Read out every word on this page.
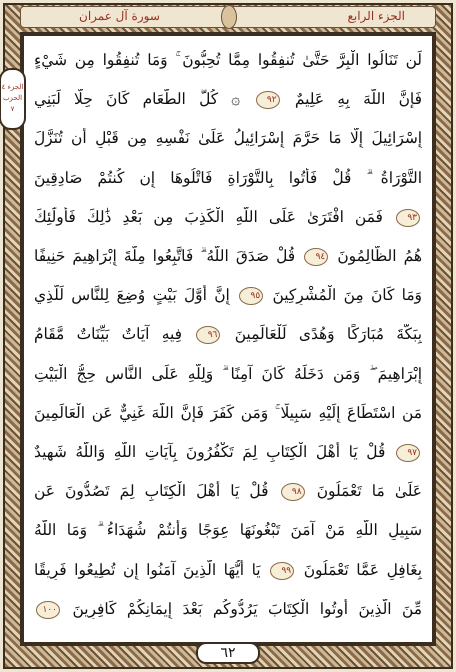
سورة آل عمران	الجزء الرابع
لَن تَنَالُوا الْبِرَّ حَتَّىٰ تُنفِقُوا مِمَّا تُحِبُّونَ ۚ وَمَا تُنفِقُوا مِن شَيْءٍ
فَإِنَّ اللَّهَ بِهِ عَلِيمٌ ٩٢ ۞ كُلُّ الطَّعَامِ كَانَ حِلًّا لِّبَنِي
إِسْرَائِيلَ إِلَّا مَا حَرَّمَ إِسْرَائِيلُ عَلَىٰ نَفْسِهِ مِن قَبْلِ أَن تُنَزَّلَ
التَّوْرَاةُ ۗ قُلْ فَأْتُوا بِالتَّوْرَاةِ فَاتْلُوهَا إِن كُنتُمْ صَادِقِينَ
٩٣ فَمَنِ افْتَرَىٰ عَلَى اللَّهِ الْكَذِبَ مِن بَعْدِ ذَٰلِكَ فَأُولَٰئِكَ
هُمُ الظَّالِمُونَ ٩٤ قُلْ صَدَقَ اللَّهُ ۗ فَاتَّبِعُوا مِلَّةَ إِبْرَاهِيمَ حَنِيفًا
وَمَا كَانَ مِنَ الْمُشْرِكِينَ ٩٥ إِنَّ أَوَّلَ بَيْتٍ وُضِعَ لِلنَّاسِ لَلَّذِي
بِبَكَّةَ مُبَارَكًا وَهُدًى لِّلْعَالَمِينَ ٩٦ فِيهِ آيَاتٌ بَيِّنَاتٌ مَّقَامُ
إِبْرَاهِيمَ ۖ وَمَن دَخَلَهُ كَانَ آمِنًا ۗ وَلِلَّهِ عَلَى النَّاسِ حِجُّ الْبَيْتِ
مَنِ اسْتَطَاعَ إِلَيْهِ سَبِيلًا ۚ وَمَن كَفَرَ فَإِنَّ اللَّهَ غَنِيٌّ عَنِ الْعَالَمِينَ
٩٧ قُلْ يَا أَهْلَ الْكِتَابِ لِمَ تَكْفُرُونَ بِآيَاتِ اللَّهِ وَاللَّهُ شَهِيدٌ
عَلَىٰ مَا تَعْمَلُونَ ٩٨ قُلْ يَا أَهْلَ الْكِتَابِ لِمَ تَصُدُّونَ عَن
سَبِيلِ اللَّهِ مَنْ آمَنَ تَبْغُونَهَا عِوَجًا وَأَنتُمْ شُهَدَاءُ ۗ وَمَا اللَّهُ
بِغَافِلٍ عَمَّا تَعْمَلُونَ ٩٩ يَا أَيُّهَا الَّذِينَ آمَنُوا إِن تُطِيعُوا فَرِيقًا
مِّنَ الَّذِينَ أُوتُوا الْكِتَابَ يَرُدُّوكُم بَعْدَ إِيمَانِكُمْ كَافِرِينَ ١٠٠
الجزء ٤
الحزب ٧
٦٢
